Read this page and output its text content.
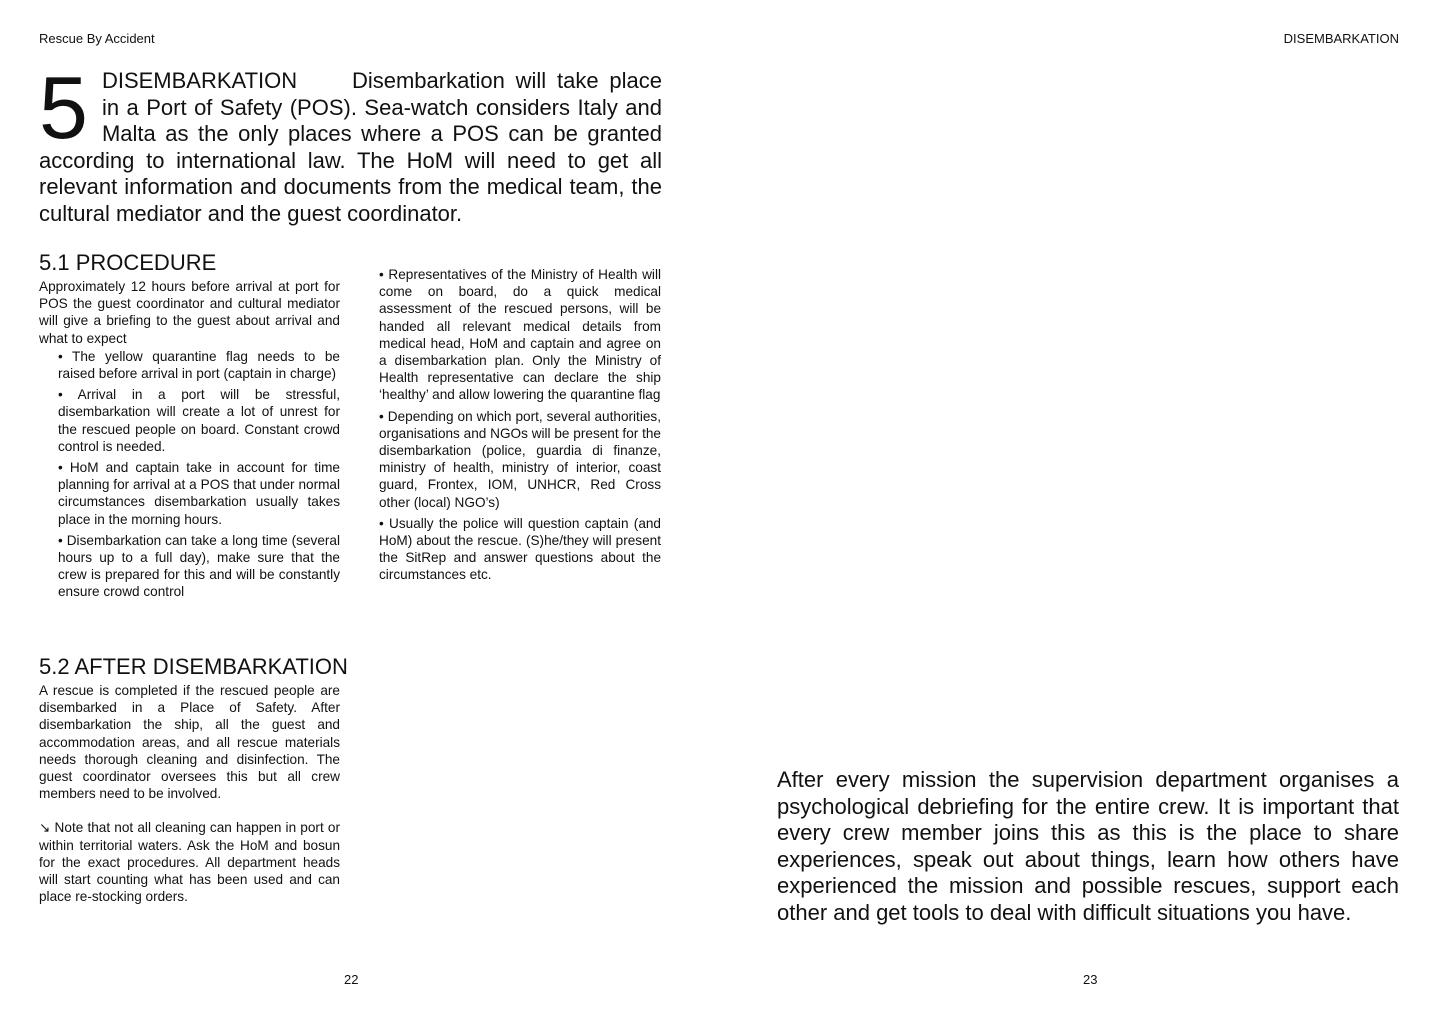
Rescue By Accident	DISEMBARKATION
5 DISEMBARKATION Disembarkation will take place in a Port of Safety (POS). Sea-watch considers Italy and Malta as the only places where a POS can be granted according to international law. The HoM will need to get all relevant information and documents from the medical team, the cultural mediator and the guest coordinator.
5.1 PROCEDURE

Approximately 12 hours before arrival at port for POS the guest coordinator and cultural mediator will give a briefing to the guest about arrival and what to expect

• The yellow quarantine flag needs to be raised before arrival in port (captain in charge)
• Arrival in a port will be stressful, disembarkation will create a lot of unrest for the rescued people on board. Constant crowd control is needed.
• HoM and captain take in account for time planning for arrival at a POS that under normal circumstances disembarkation usually takes place in the morning hours.
• Disembarkation can take a long time (several hours up to a full day), make sure that the crew is prepared for this and will be constantly ensure crowd control
• Representatives of the Ministry of Health will come on board, do a quick medical assessment of the rescued persons, will be handed all relevant medical details from medical head, HoM and captain and agree on a disembarkation plan. Only the Ministry of Health representative can declare the ship ‘healthy’ and allow lowering the quarantine flag
• Depending on which port, several authorities, organisations and NGOs will be present for the disembarkation (police, guardia di finanze, ministry of health, ministry of interior, coast guard, Frontex, IOM, UNHCR, Red Cross other (local) NGO’s)
• Usually the police will question captain (and HoM) about the rescue. (S)he/they will present the SitRep and answer questions about the circumstances etc.
5.2 AFTER DISEMBARKATION

A rescue is completed if the rescued people are disembarked in a Place of Safety. After disembarkation the ship, all the guest and accommodation areas, and all rescue materials needs thorough cleaning and disinfection. The guest coordinator oversees this but all crew members need to be involved.

↘ Note that not all cleaning can happen in port or within territorial waters. Ask the HoM and bosun for the exact procedures. All department heads will start counting what has been used and can place re-stocking orders.

After every mission the supervision department organises a psychological debriefing for the entire crew. It is important that every crew member joins this as this is the place to share experiences, speak out about things, learn how others have experienced the mission and possible rescues, support each other and get tools to deal with difficult situations you have.

22	23
